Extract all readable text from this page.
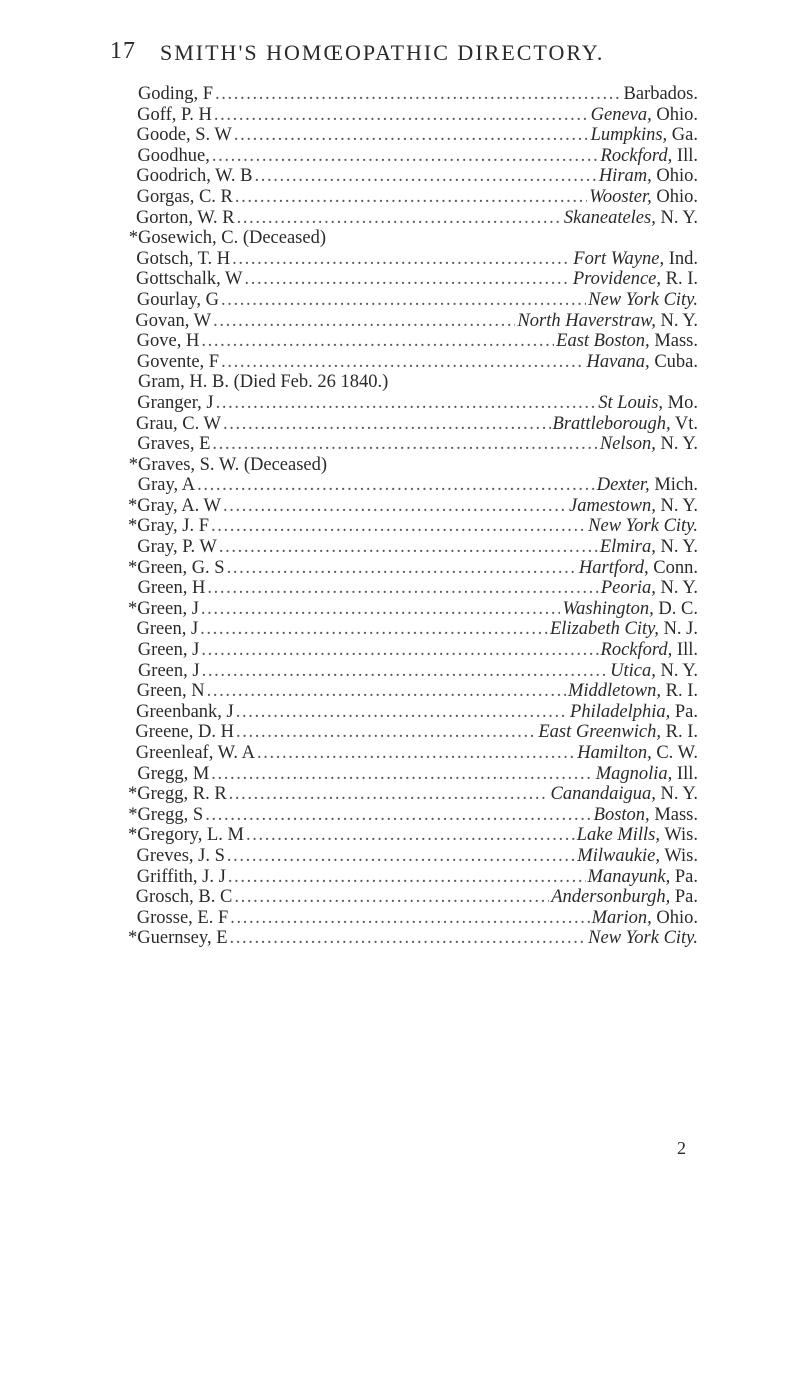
17 SMITH'S HOMŒOPATHIC DIRECTORY.
Goding, F . . .	Barbados.
Goff, P. H . . .	Geneva, Ohio.
Goode, S. W . . .	Lumpkins, Ga.
Goodhue, . . .	Rockford, Ill.
Goodrich, W. B . . .	Hiram, Ohio.
Gorgas, C. R . . .	Wooster, Ohio.
Gorton, W. R . . .	Skaneateles, N. Y.
* Gosewich, C. (Deceased)
Gotsch, T. H . . .	Fort Wayne, Ind.
Gottschalk, W . . .	Providence, R. I.
Gourlay, G . . .	New York City.
Govan, W . . .	North Haverstraw, N. Y.
Gove, H . . .	East Boston, Mass.
Govente, F . . .	Havana, Cuba.
Gram, H. B. (Died Feb. 26 1840.)
Granger, J . . .	St Louis, Mo.
Grau, C. W . . .	Brattleborough, Vt.
Graves, E . . .	Nelson, N. Y.
* Graves, S. W. (Deceased)
Gray, A . . .	Dexter, Mich.
* Gray, A. W . . .	Jamestown, N. Y.
* Gray, J. F . . .	New York City.
Gray, P. W . . .	Elmira, N. Y.
* Green, G. S . . .	Hartford, Conn.
Green, H . . .	Peoria, N. Y.
* Green, J . . .	Washington, D. C.
Green, J . . .	Elizabeth City, N. J.
Green, J . . .	Rockford, Ill.
Green, J . . .	Utica, N. Y.
Green, N . . .	Middletown, R. I.
Greenbank, J . . .	Philadelphia, Pa.
Greene, D. H . . .	East Greenwich, R. I.
Greenleaf, W. A . . .	Hamilton, C. W.
Gregg, M . . .	Magnolia, Ill.
* Gregg, R. R . . .	Canandaigua, N. Y.
* Gregg, S . . .	Boston, Mass.
* Gregory, L. M . . .	Lake Mills, Wis.
Greves, J. S . . .	Milwaukie, Wis.
Griffith, J. J . . .	Manayunk, Pa.
Grosch, B. C . . .	Andersonburgh, Pa.
Grosse, E. F . . .	Marion, Ohio.
* Guernsey, E . . .	New York City.
2
